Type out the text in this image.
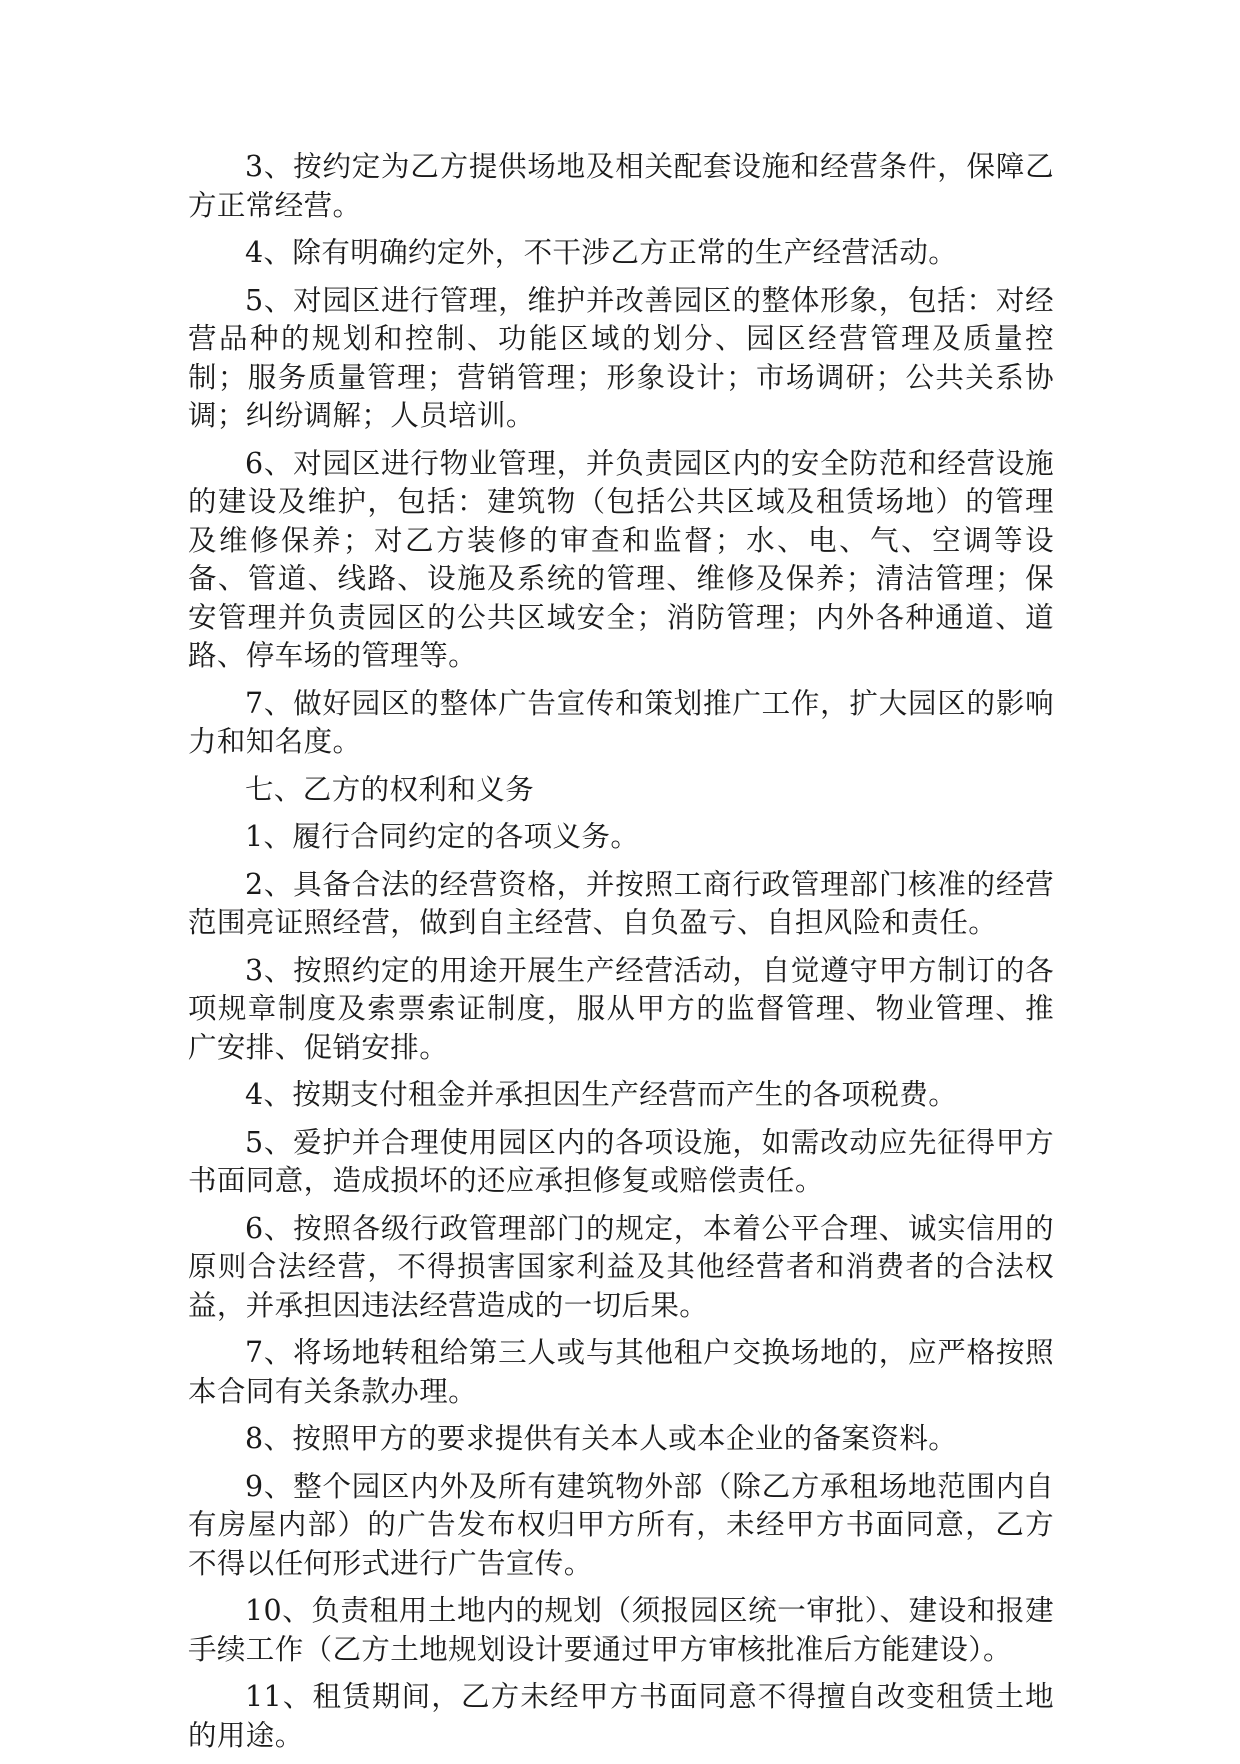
3、按约定为乙方提供场地及相关配套设施和经营条件，保障乙方正常经营。

4、除有明确约定外，不干涉乙方正常的生产经营活动。

5、对园区进行管理，维护并改善园区的整体形象，包括：对经营品种的规划和控制、功能区域的划分、园区经营管理及质量控制；服务质量管理；营销管理；形象设计；市场调研；公共关系协调；纠纷调解；人员培训。

6、对园区进行物业管理，并负责园区内的安全防范和经营设施的建设及维护，包括：建筑物（包括公共区域及租赁场地）的管理及维修保养；对乙方装修的审查和监督；水、电、气、空调等设备、管道、线路、设施及系统的管理、维修及保养；清洁管理；保安管理并负责园区的公共区域安全；消防管理；内外各种通道、道路、停车场的管理等。

7、做好园区的整体广告宣传和策划推广工作，扩大园区的影响力和知名度。

七、乙方的权利和义务

1、履行合同约定的各项义务。

2、具备合法的经营资格，并按照工商行政管理部门核准的经营范围亮证照经营，做到自主经营、自负盈亏、自担风险和责任。

3、按照约定的用途开展生产经营活动，自觉遵守甲方制订的各项规章制度及索票索证制度，服从甲方的监督管理、物业管理、推广安排、促销安排。

4、按期支付租金并承担因生产经营而产生的各项税费。

5、爱护并合理使用园区内的各项设施，如需改动应先征得甲方书面同意，造成损坏的还应承担修复或赔偿责任。

6、按照各级行政管理部门的规定，本着公平合理、诚实信用的原则合法经营，不得损害国家利益及其他经营者和消费者的合法权益，并承担因违法经营造成的一切后果。

7、将场地转租给第三人或与其他租户交换场地的，应严格按照本合同有关条款办理。

8、按照甲方的要求提供有关本人或本企业的备案资料。

9、整个园区内外及所有建筑物外部（除乙方承租场地范围内自有房屋内部）的广告发布权归甲方所有，未经甲方书面同意，乙方不得以任何形式进行广告宣传。

10、负责租用土地内的规划（须报园区统一审批）、建设和报建手续工作（乙方土地规划设计要通过甲方审核批准后方能建设）。

11、租赁期间，乙方未经甲方书面同意不得擅自改变租赁土地的用途。
